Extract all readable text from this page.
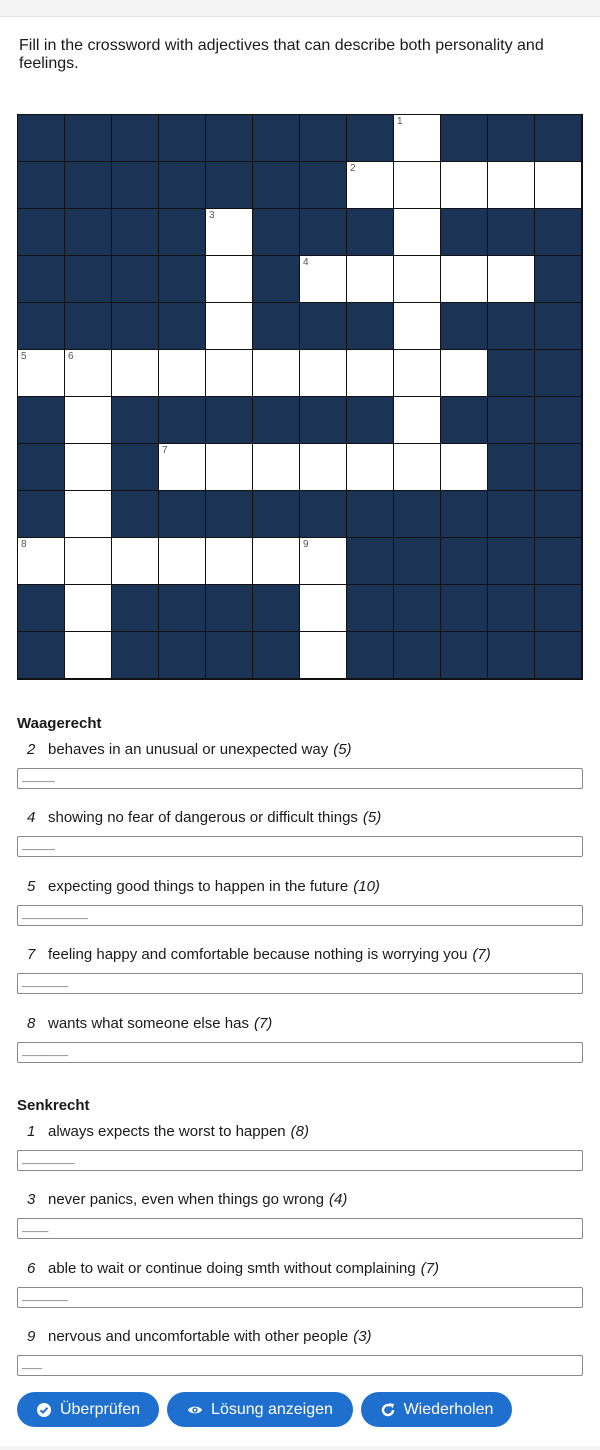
Fill in the crossword with adjectives that can describe both personality and feelings.
1
2
3
4
5	6
7
8	9
Waagerecht
Senkrecht
2 behaves in an unusual or unexpected way (5)
_____
4 showing no fear of dangerous or difficult things (5)
_____
5 expecting good things to happen in the future (10)
__________
7 feeling happy and comfortable because nothing is worrying you (7)
_______
8 wants what someone else has (7)
_______
1 always expects the worst to happen (8)
________
3 never panics, even when things go wrong (4)
____
6 able to wait or continue doing smth without complaining (7)
_______
9 nervous and uncomfortable with other people (3)
___
Überprüfen	Lösung anzeigen	Wiederholen
